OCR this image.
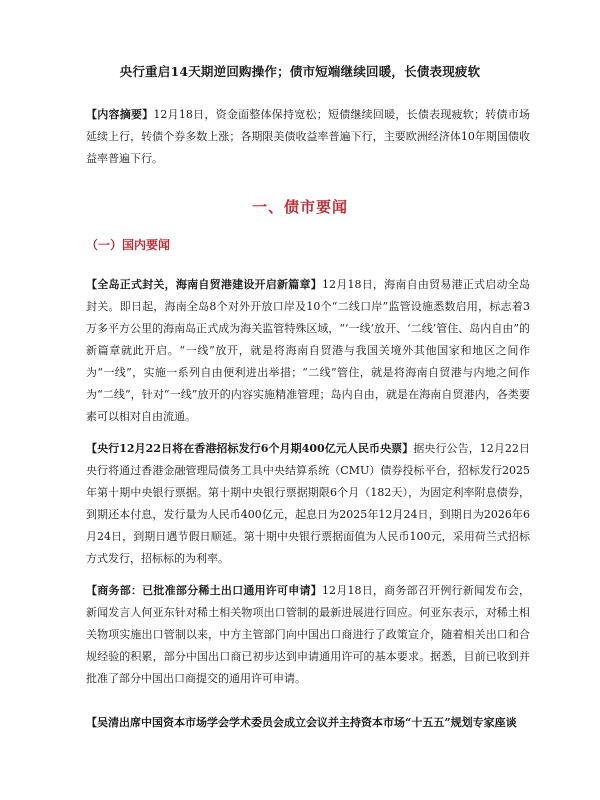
央行重启14天期逆回购操作；债市短端继续回暖，长债表现疲软
【内容摘要】12月18日，资金面整体保持宽松；短债继续回暖，长债表现疲软；转债市场延续上行，转债个券多数上涨；各期限美债收益率普遍下行，主要欧洲经济体10年期国债收益率普遍下行。
一、债市要闻
（一）国内要闻
【全岛正式封关，海南自贸港建设开启新篇章】12月18日，海南自由贸易港正式启动全岛封关。即日起，海南全岛8个对外开放口岸及10个“二线口岸”监管设施悉数启用，标志着3万多平方公里的海南岛正式成为海关监管特殊区域，“‘一线’放开、‘二线’管住、岛内自由”的新篇章就此开启。“一线”放开，就是将海南自贸港与我国关境外其他国家和地区之间作为“一线”，实施一系列自由便利进出举措；“二线”管住，就是将海南自贸港与内地之间作为“二线”，针对“一线”放开的内容实施精准管理；岛内自由，就是在海南自贸港内，各类要素可以相对自由流通。
【央行12月22日将在香港招标发行6个月期400亿元人民币央票】据央行公告，12月22日央行将通过香港金融管理局债务工具中央结算系统（CMU）债券投标平台，招标发行2025年第十期中央银行票据。第十期中央银行票据期限6个月（182天），为固定利率附息债券，到期还本付息，发行量为人民币400亿元，起息日为2025年12月24日，到期日为2026年6月24日，到期日遇节假日顺延。第十期中央银行票据面值为人民币100元，采用荷兰式招标方式发行，招标标的为利率。
【商务部：已批准部分稀土出口通用许可申请】12月18日，商务部召开例行新闻发布会，新闻发言人何亚东针对稀土相关物项出口管制的最新进展进行回应。何亚东表示，对稀土相关物项实施出口管制以来，中方主管部门向中国出口商进行了政策宣介，随着相关出口和合规经验的积累，部分中国出口商已初步达到申请通用许可的基本要求。据悉，目前已收到并批准了部分中国出口商提交的通用许可申请。
【吴清出席中国资本市场学会学术委员会成立会议并主持资本市场“十五五”规划专家座谈
